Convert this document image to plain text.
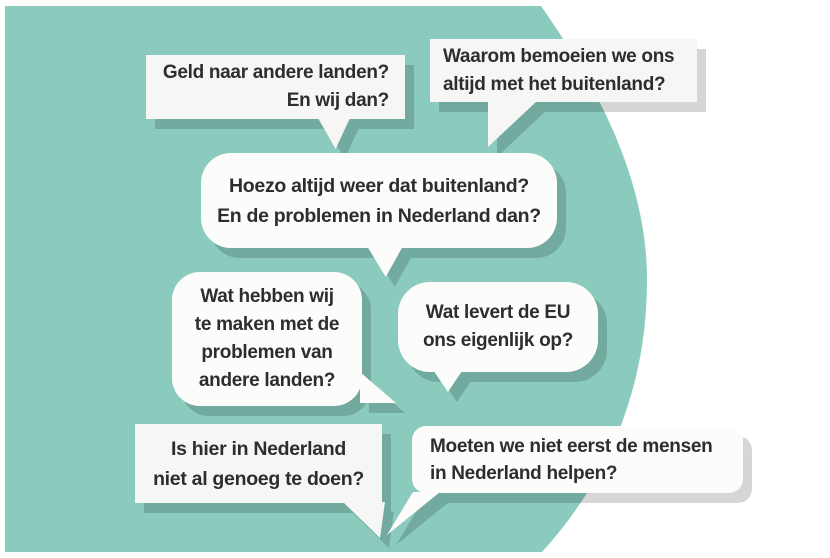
Geld naar andere landen?
En wij dan?
Waarom bemoeien we ons
altijd met het buitenland?
Hoezo altijd weer dat buitenland?
En de problemen in Nederland dan?
Wat hebben wij
te maken met de
problemen van
andere landen?
Wat levert de EU
ons eigenlijk op?
Is hier in Nederland
niet al genoeg te doen?
Moeten we niet eerst de mensen
in Nederland helpen?
